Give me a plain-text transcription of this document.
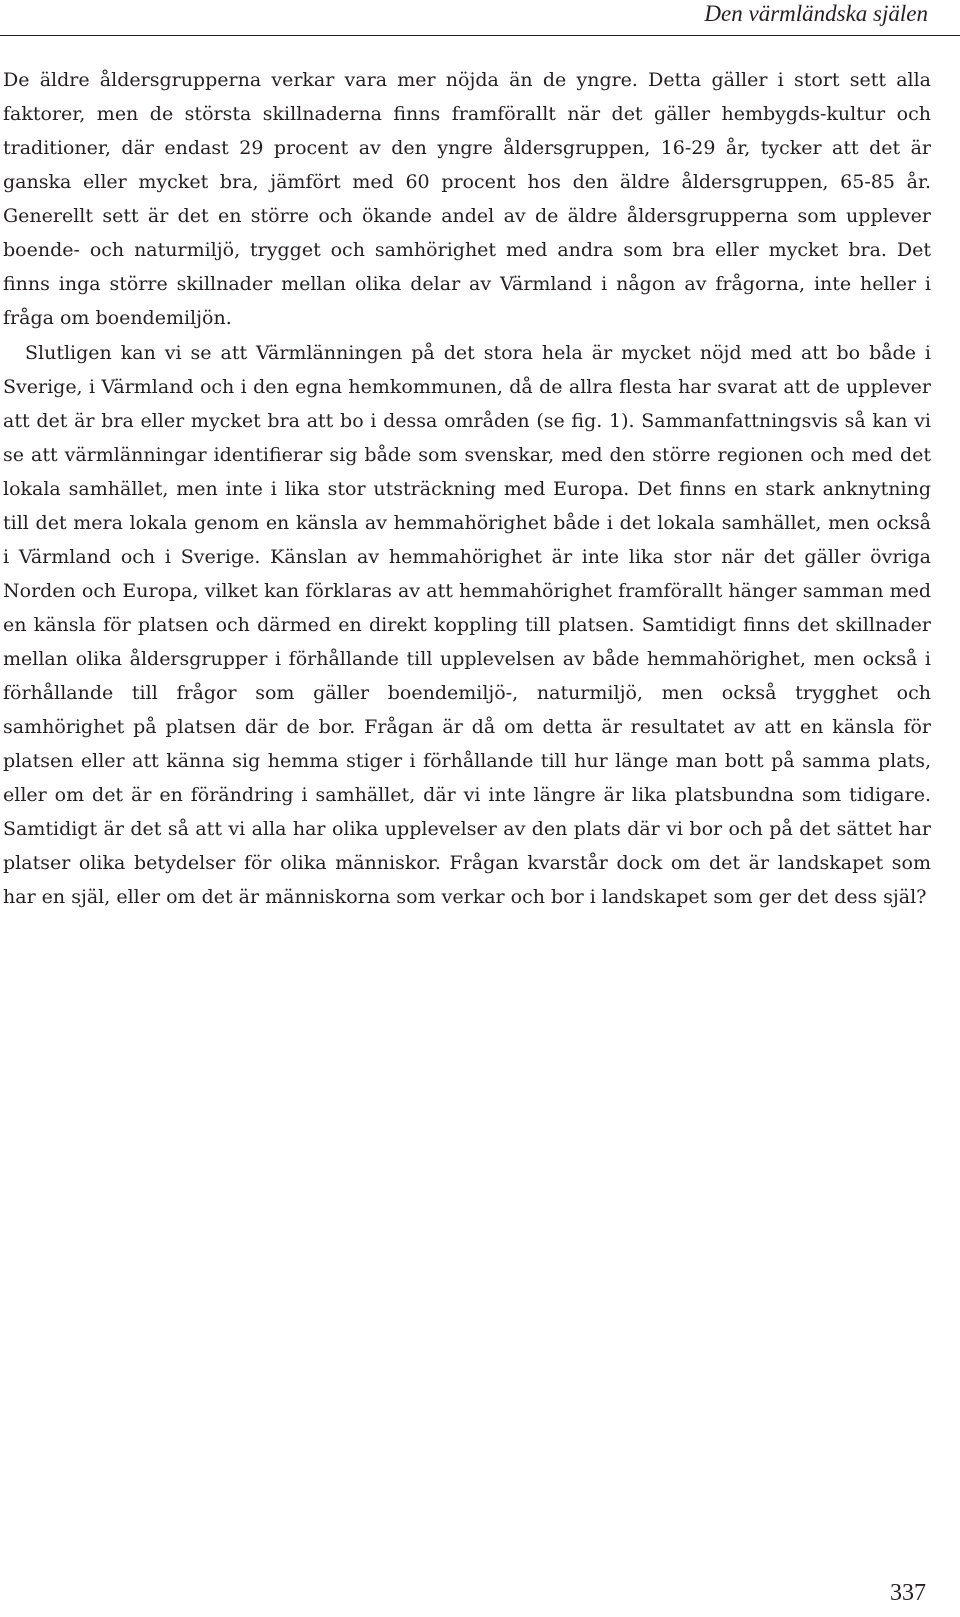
Den värmländska själen

De äldre åldersgrupperna verkar vara mer nöjda än de yngre. Detta gäller i stort sett alla faktorer, men de största skillnaderna finns framförallt när det gäller hembygds-kultur och traditioner, där endast 29 procent av den yngre åldersgruppen, 16-29 år, tycker att det är ganska eller mycket bra, jämfört med 60 procent hos den äldre åldersgruppen, 65-85 år. Generellt sett är det en större och ökande andel av de äldre åldersgrupperna som upplever boende- och naturmiljö, trygget och samhörighet med andra som bra eller mycket bra. Det finns inga större skillnader mellan olika delar av Värmland i någon av frågorna, inte heller i fråga om boendemiljön.

Slutligen kan vi se att Värmlänningen på det stora hela är mycket nöjd med att bo både i Sverige, i Värmland och i den egna hemkommunen, då de allra flesta har svarat att de upplever att det är bra eller mycket bra att bo i dessa områden (se fig. 1). Sammanfattningsvis så kan vi se att värmlänningar identifierar sig både som svenskar, med den större regionen och med det lokala samhället, men inte i lika stor utsträckning med Europa. Det finns en stark anknytning till det mera lokala genom en känsla av hemmahörighet både i det lokala samhället, men också i Värmland och i Sverige. Känslan av hemmahörighet är inte lika stor när det gäller övriga Norden och Europa, vilket kan förklaras av att hemmahörighet framförallt hänger samman med en känsla för platsen och därmed en direkt koppling till platsen. Samtidigt finns det skillnader mellan olika åldersgrupper i förhållande till upplevelsen av både hemmahörighet, men också i förhållande till frågor som gäller boendemiljö-, naturmiljö, men också trygghet och samhörighet på platsen där de bor. Frågan är då om detta är resultatet av att en känsla för platsen eller att känna sig hemma stiger i förhållande till hur länge man bott på samma plats, eller om det är en förändring i samhället, där vi inte längre är lika platsbundna som tidigare. Samtidigt är det så att vi alla har olika upplevelser av den plats där vi bor och på det sättet har platser olika betydelser för olika människor. Frågan kvarstår dock om det är landskapet som har en själ, eller om det är människorna som verkar och bor i landskapet som ger det dess själ?

337
